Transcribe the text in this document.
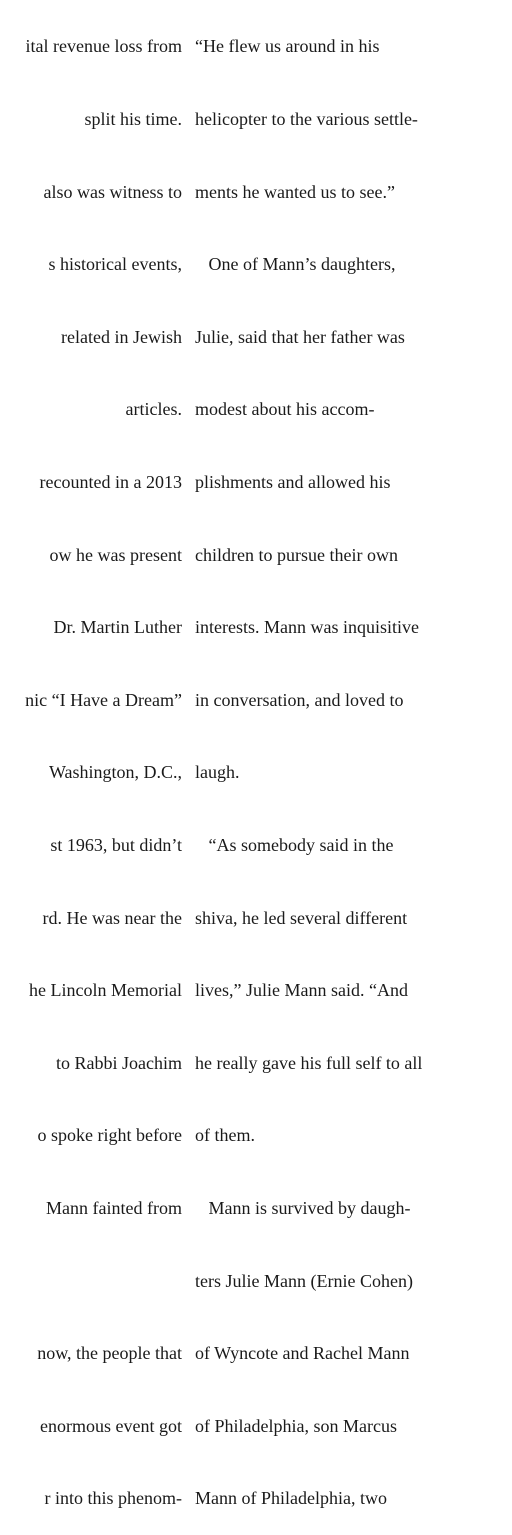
ital revenue loss from

split his time.

also was witness to

s historical events,

related in Jewish

articles.

recounted in a 2013

ow he was present

Dr. Martin Luther

nic “I Have a Dream”

Washington, D.C.,

st 1963, but didn’t

rd. He was near the

he Lincoln Memorial

to Rabbi Joachim

o spoke right before

Mann fainted from

now, the people that

enormous event got

r into this phenom-

“He flew us around in his

helicopter to the various settle-

ments he wanted us to see.”

One of Mann’s daughters,

Julie, said that her father was

modest about his accom-

plishments and allowed his

children to pursue their own

interests. Mann was inquisitive

in conversation, and loved to

laugh.

“As somebody said in the

shiva, he led several different

lives,” Julie Mann said. “And

he really gave his full self to all

of them.

Mann is survived by daugh-

ters Julie Mann (Ernie Cohen)

of Wyncote and Rachel Mann

of Philadelphia, son Marcus

Mann of Philadelphia, two
